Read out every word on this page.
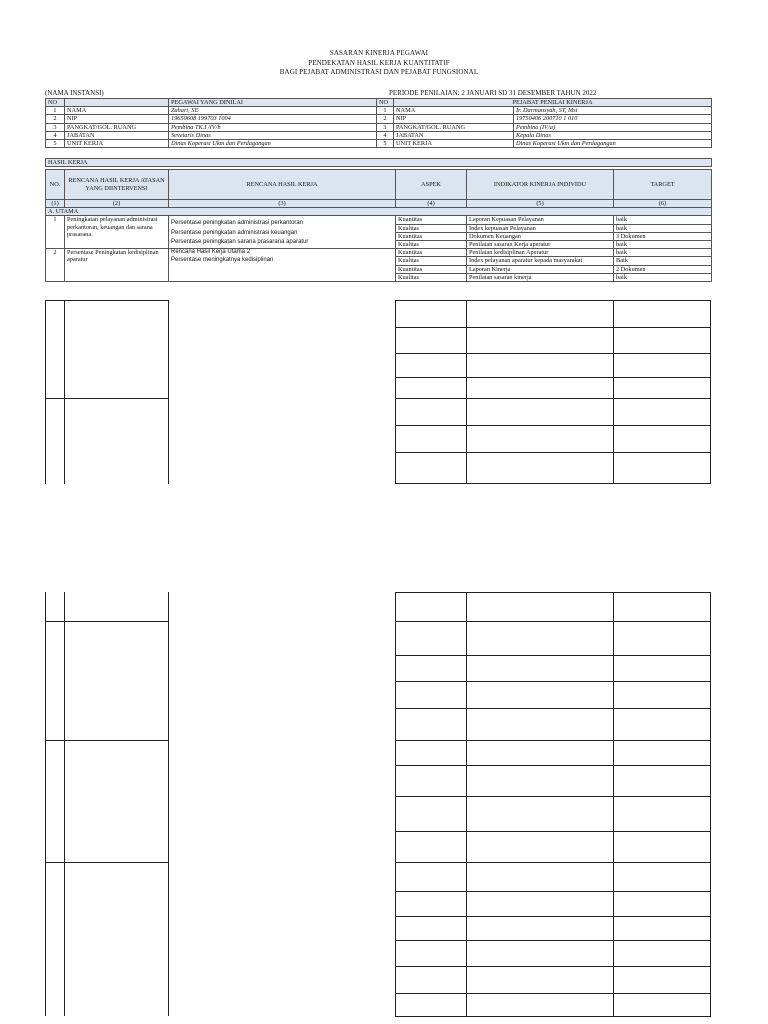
SASARAN KINERJA PEGAWAI
PENDEKATAN HASIL KERJA KUANTITATIF
BAGI PEJABAT ADMINISTRASI DAN PEJABAT FUNGSIONAL
(NAMA INSTANSI)	PERIODE PENILAIAN: 2 JANUARI SD 31 DESEMBER TAHUN 2022
NO		PEGAWAI YANG DINILAI	NO	PEJABAT PENILAI KINERJA	
1	NAMA	Zahari, SE	1	NAMA	Ir. Darmansyah, ST, Msi
2	NIP	19650608 199703 1004	2	NIP	19750406 200710 1 010
3	PANGKAT/GOL. RUANG	Pembina TK.I /IV/b	3	PANGKAT/GOL. RUANG	Pembina (IV/a)
4	JABATAN	Sevetaris Dinas	4	JABATAN	Kepala Dinas
5	UNIT KERJA	Dinas Koperasi Ukm dan Perdagangan	5	UNIT KERJA	Dinas Koperasi Ukm dan Perdagangan
HASIL KERJA
NO.	RENCANA HASIL KERJA ATASAN YANG DIINTERVENSI	RENCANA HASIL KERJA	ASPEK	INDIKATOR KINERJA INDIVIDU	TARGET
(1)	(2)	(3)	(4)	(5)	(6)
A. UTAMA					
1	Peningkatan pelayanan administrasi perkantoran, keuangan dan sarana prasarana.	Persentase peningkatan administrasi perkantoran
Persentase peningkatan administrasi keuangan
Persentase peningkatan sarana prasarana aparatur	Kuantitas	Laporan Kepuasan Pelayanan	baik
			Kualitas	Index kepuasan Pelayanan	baik
			Kuantitas	Dokumen Keuangan	3 Dokumen
			Kualitas	Penilaian sasaran Kerja aperatur	baik
2	Persentase Peningkatan kedisiplinan aparatur	Rencana Hasil Kerja Utama 2
Persentase meningkatnya kedisiplinan	Kuantitas	Penilaian kedisiplinan Aperatur	baik
			Kualitas	Index pelayanan aparatur kepada masyarakat	Baik
			Kuantitas	Laporan Kinerja	2 Dokumen
			Kualitas	Penilaian sasaran kinerja	baik
